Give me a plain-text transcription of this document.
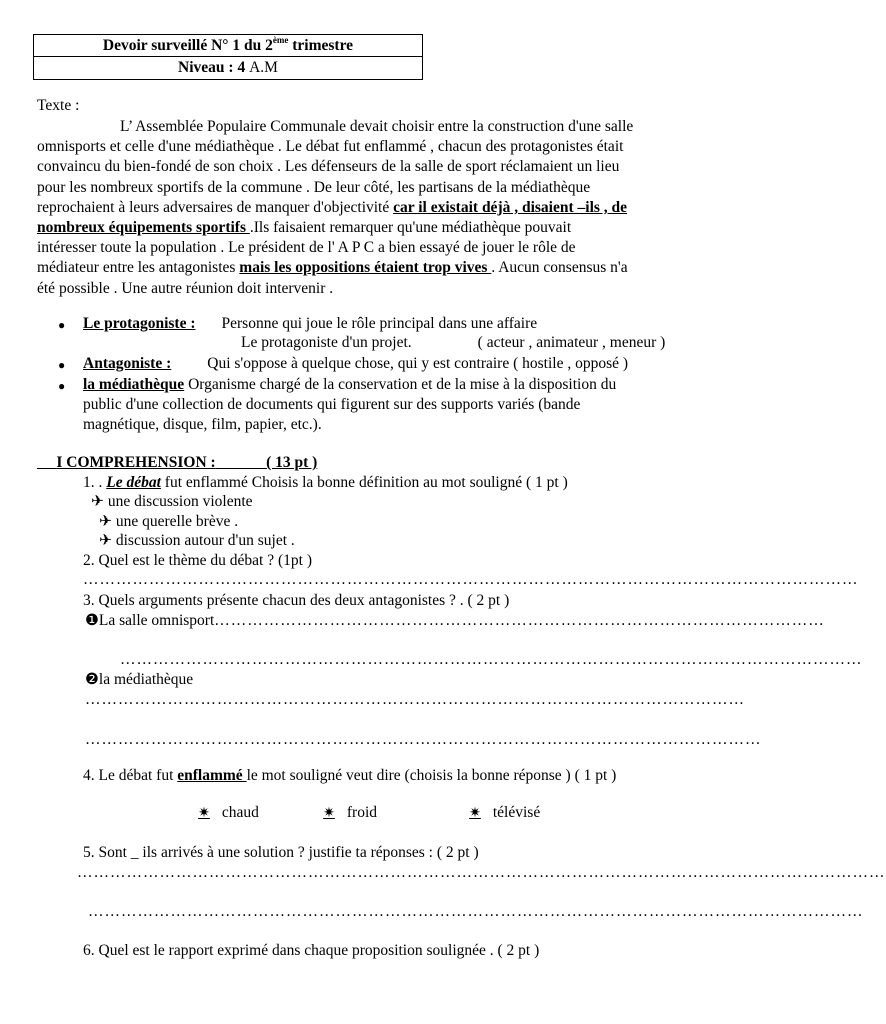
Devoir surveillé N° 1 du 2ème trimestre
Niveau : 4 A.M
Texte :
L’ Assemblée Populaire Communale devait choisir entre la construction d'une salle
omnisports et celle d'une médiathèque . Le débat fut enflammé , chacun des protagonistes était
convaincu du bien-fondé de son choix . Les défenseurs de la salle de sport réclamaient un lieu
pour les nombreux sportifs de la commune . De leur côté, les partisans de la médiathèque
reprochaient à leurs adversaires de manquer d'objectivité car il existait déjà , disaient –ils , de
nombreux équipements sportifs .Ils faisaient remarquer qu'une médiathèque pouvait
intéresser toute la population . Le président de l' A P C a bien essayé de jouer le rôle de
médiateur entre les antagonistes mais les oppositions étaient trop vives . Aucun consensus n'a
été possible . Une autre réunion doit intervenir .
● Le protagoniste : Personne qui joue le rôle principal dans une affaire
Le protagoniste d'un projet.	( acteur , animateur , meneur )
● Antagoniste : Qui s'oppose à quelque chose, qui y est contraire ( hostile , opposé )
● la médiathèque Organisme chargé de la conservation et de la mise à la disposition du
public d'une collection de documents qui figurent sur des supports variés (bande
magnétique, disque, film, papier, etc.).
I COMPREHENSION :	( 13 pt )
1. . Le débat fut enflammé Choisis la bonne définition au mot souligné ( 1 pt )
✈ une discussion violente
✈ une querelle brève .
✈ discussion autour d'un sujet .
2. Quel est le thème du débat ? (1pt )
……………………………………………………………………………………………………………………………
3. Quels arguments présente chacun des deux antagonistes ? . ( 2 pt )
❶La salle omnisport…………………………………………………………………………………………………
………………………………………………………………………………………………………………………
❷la médiathèque
…………………………………………………………………………………………………………
……………………………………………………………………………………………………………
4. Le débat fut enflammé le mot souligné veut dire (choisis la bonne réponse ) ( 1 pt )
✷ chaud	✷ froid	✷ télévisé
5. Sont _ ils arrivés à une solution ? justifie ta réponses : ( 2 pt )
…………………………………………………………………………………………………………………………………
……………………………………………………………………………………………………………………………
6. Quel est le rapport exprimé dans chaque proposition soulignée . ( 2 pt )
